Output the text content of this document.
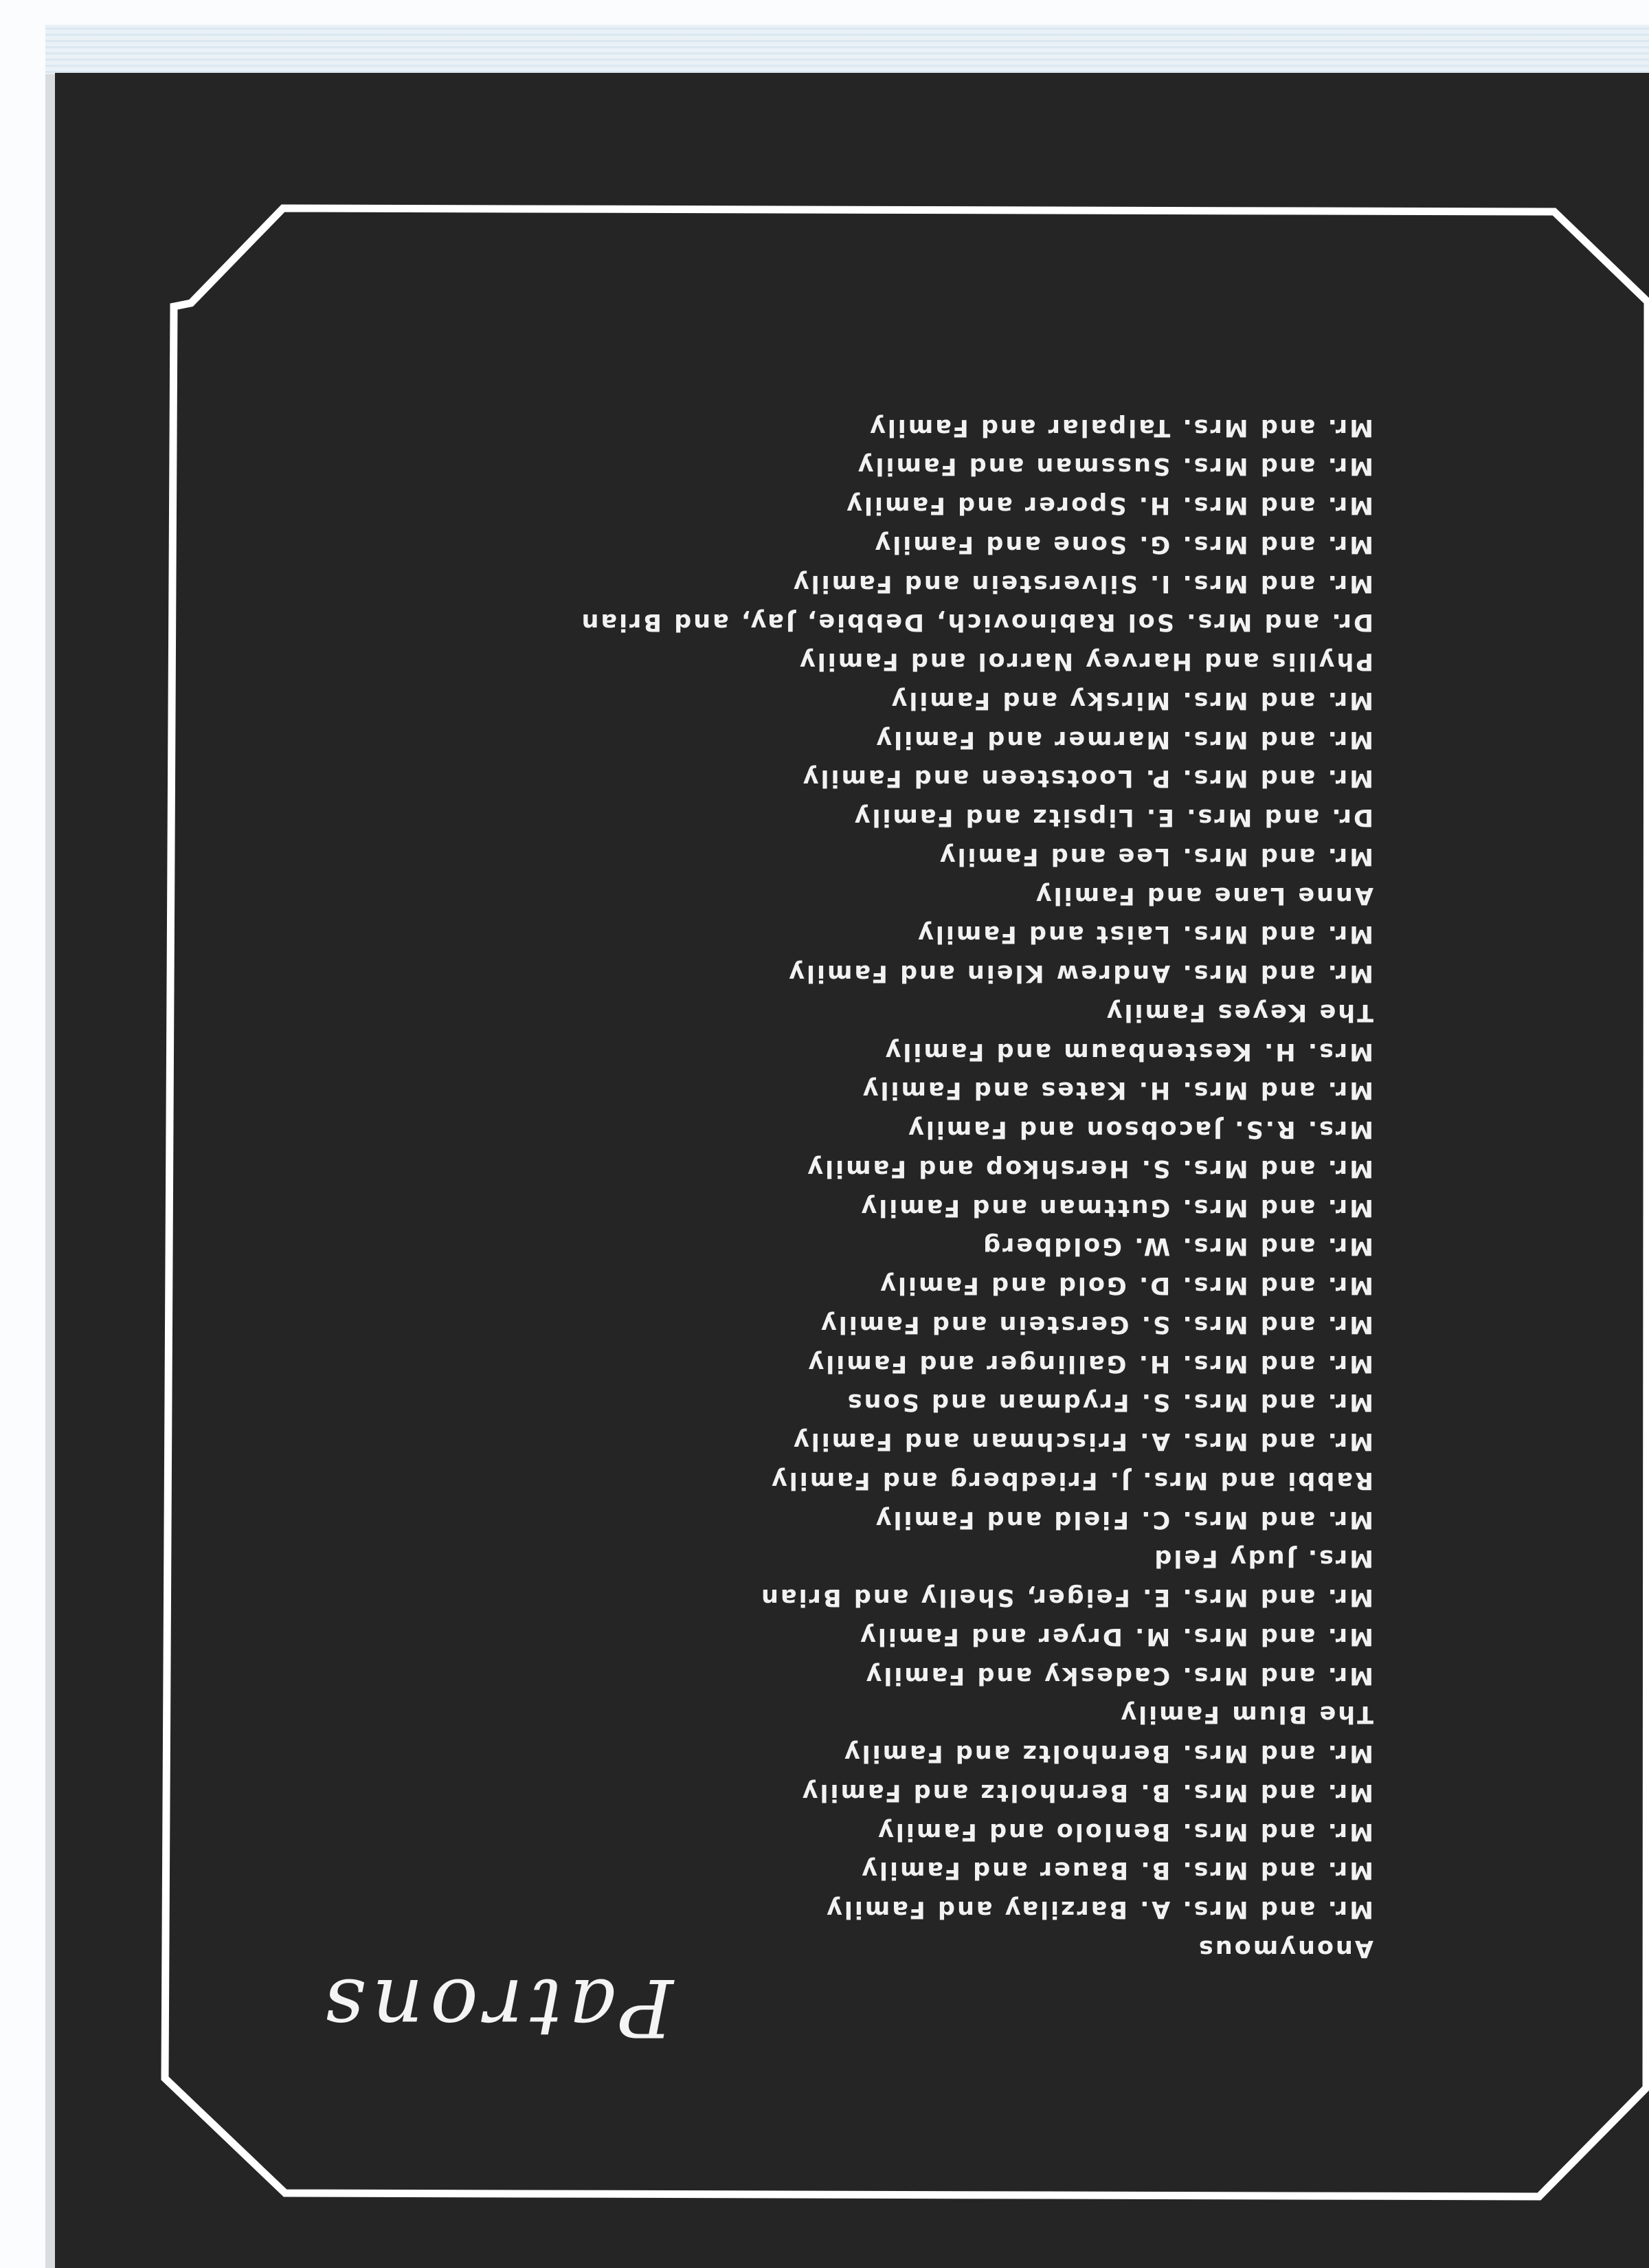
Patrons
Anonymous
Mr. and Mrs. A. Barzilay and Family
Mr. and Mrs. B. Bauer and Family
Mr. and Mrs. Benlolo and Family
Mr. and Mrs. B. Bernholtz and Family
Mr. and Mrs. Bernholtz and Family
The Blum Family
Mr. and Mrs. Cadesky and Family
Mr. and Mrs. M. Dryer and Family
Mr. and Mrs. E. Feiger, Shelly and Brian
Mrs. Judy Feld
Mr. and Mrs. C. Field and Family
Rabbi and Mrs. J. Friedberg and Family
Mr. and Mrs. A. Frischman and Family
Mr. and Mrs. S. Frydman and Sons
Mr. and Mrs. H. Gallinger and Family
Mr. and Mrs. S. Gerstein and Family
Mr. and Mrs. D. Gold and Family
Mr. and Mrs. W. Goldberg
Mr. and Mrs. Guttman and Family
Mr. and Mrs. S. Hershkop and Family
Mrs. R.S. Jacobson and Family
Mr. and Mrs. H. Kates and Family
Mrs. H. Kestenbaum and Family
The Keyes Family
Mr. and Mrs. Andrew Klein and Family
Mr. and Mrs. Laist and Family
Anne Lane and Family
Mr. and Mrs. Lee and Family
Dr. and Mrs. E. Lipsitz and Family
Mr. and Mrs. P. Lootsteen and Family
Mr. and Mrs. Marmer and Family
Mr. and Mrs. Mirsky and Family
Phyllis and Harvey Narrol and Family
Dr. and Mrs. Sol Rabinovich, Debbie, Jay, and Brian
Mr. and Mrs. I. Silverstein and Family
Mr. and Mrs. G. Sone and Family
Mr. and Mrs. H. Sporer and Family
Mr. and Mrs. Sussman and Family
Mr. and Mrs. Talpalar and Family
